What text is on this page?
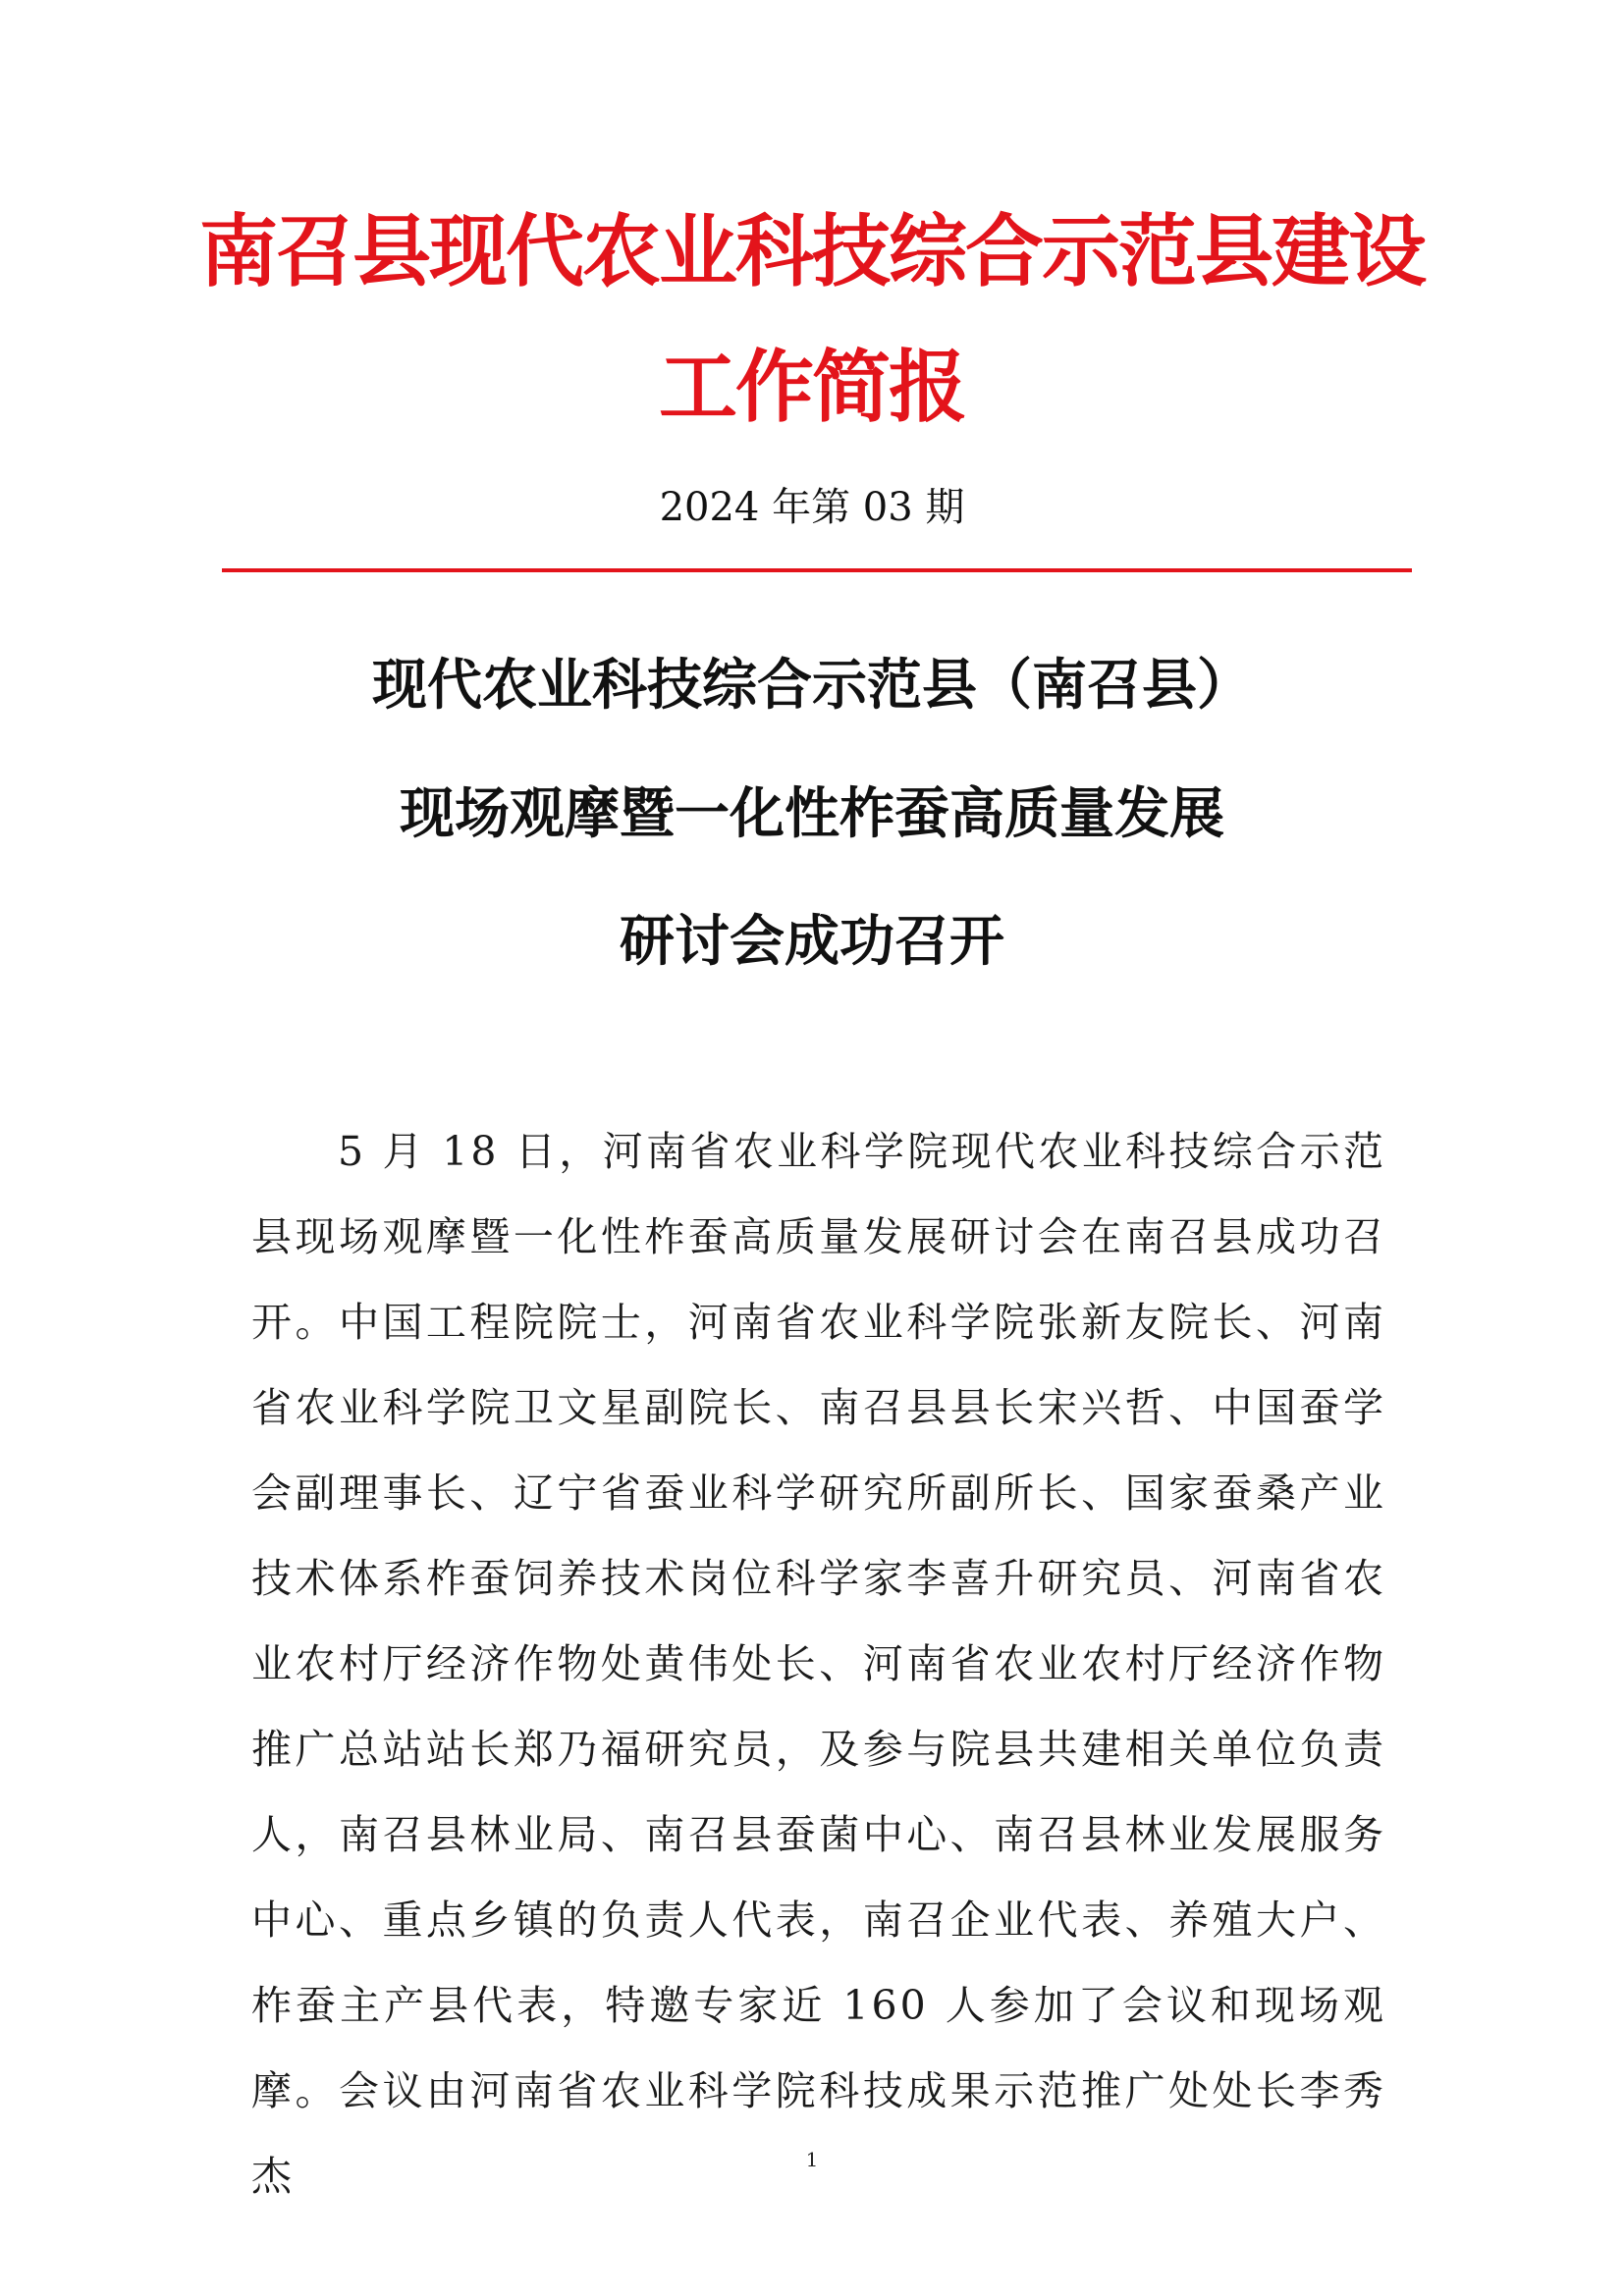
南召县现代农业科技综合示范县建设
工作简报
2024 年第 03 期
现代农业科技综合示范县（南召县）
现场观摩暨一化性柞蚕高质量发展
研讨会成功召开

5 月 18 日，河南省农业科学院现代农业科技综合示范县现场观摩暨一化性柞蚕高质量发展研讨会在南召县成功召开。中国工程院院士，河南省农业科学院张新友院长、河南省农业科学院卫文星副院长、南召县县长宋兴哲、中国蚕学会副理事长、辽宁省蚕业科学研究所副所长、国家蚕桑产业技术体系柞蚕饲养技术岗位科学家李喜升研究员、河南省农业农村厅经济作物处黄伟处长、河南省农业农村厅经济作物推广总站站长郑乃福研究员，及参与院县共建相关单位负责人，南召县林业局、南召县蚕菌中心、南召县林业发展服务中心、重点乡镇的负责人代表，南召企业代表、养殖大户、柞蚕主产县代表，特邀专家近 160 人参加了会议和现场观摩。会议由河南省农业科学院科技成果示范推广处处长李秀杰	1
